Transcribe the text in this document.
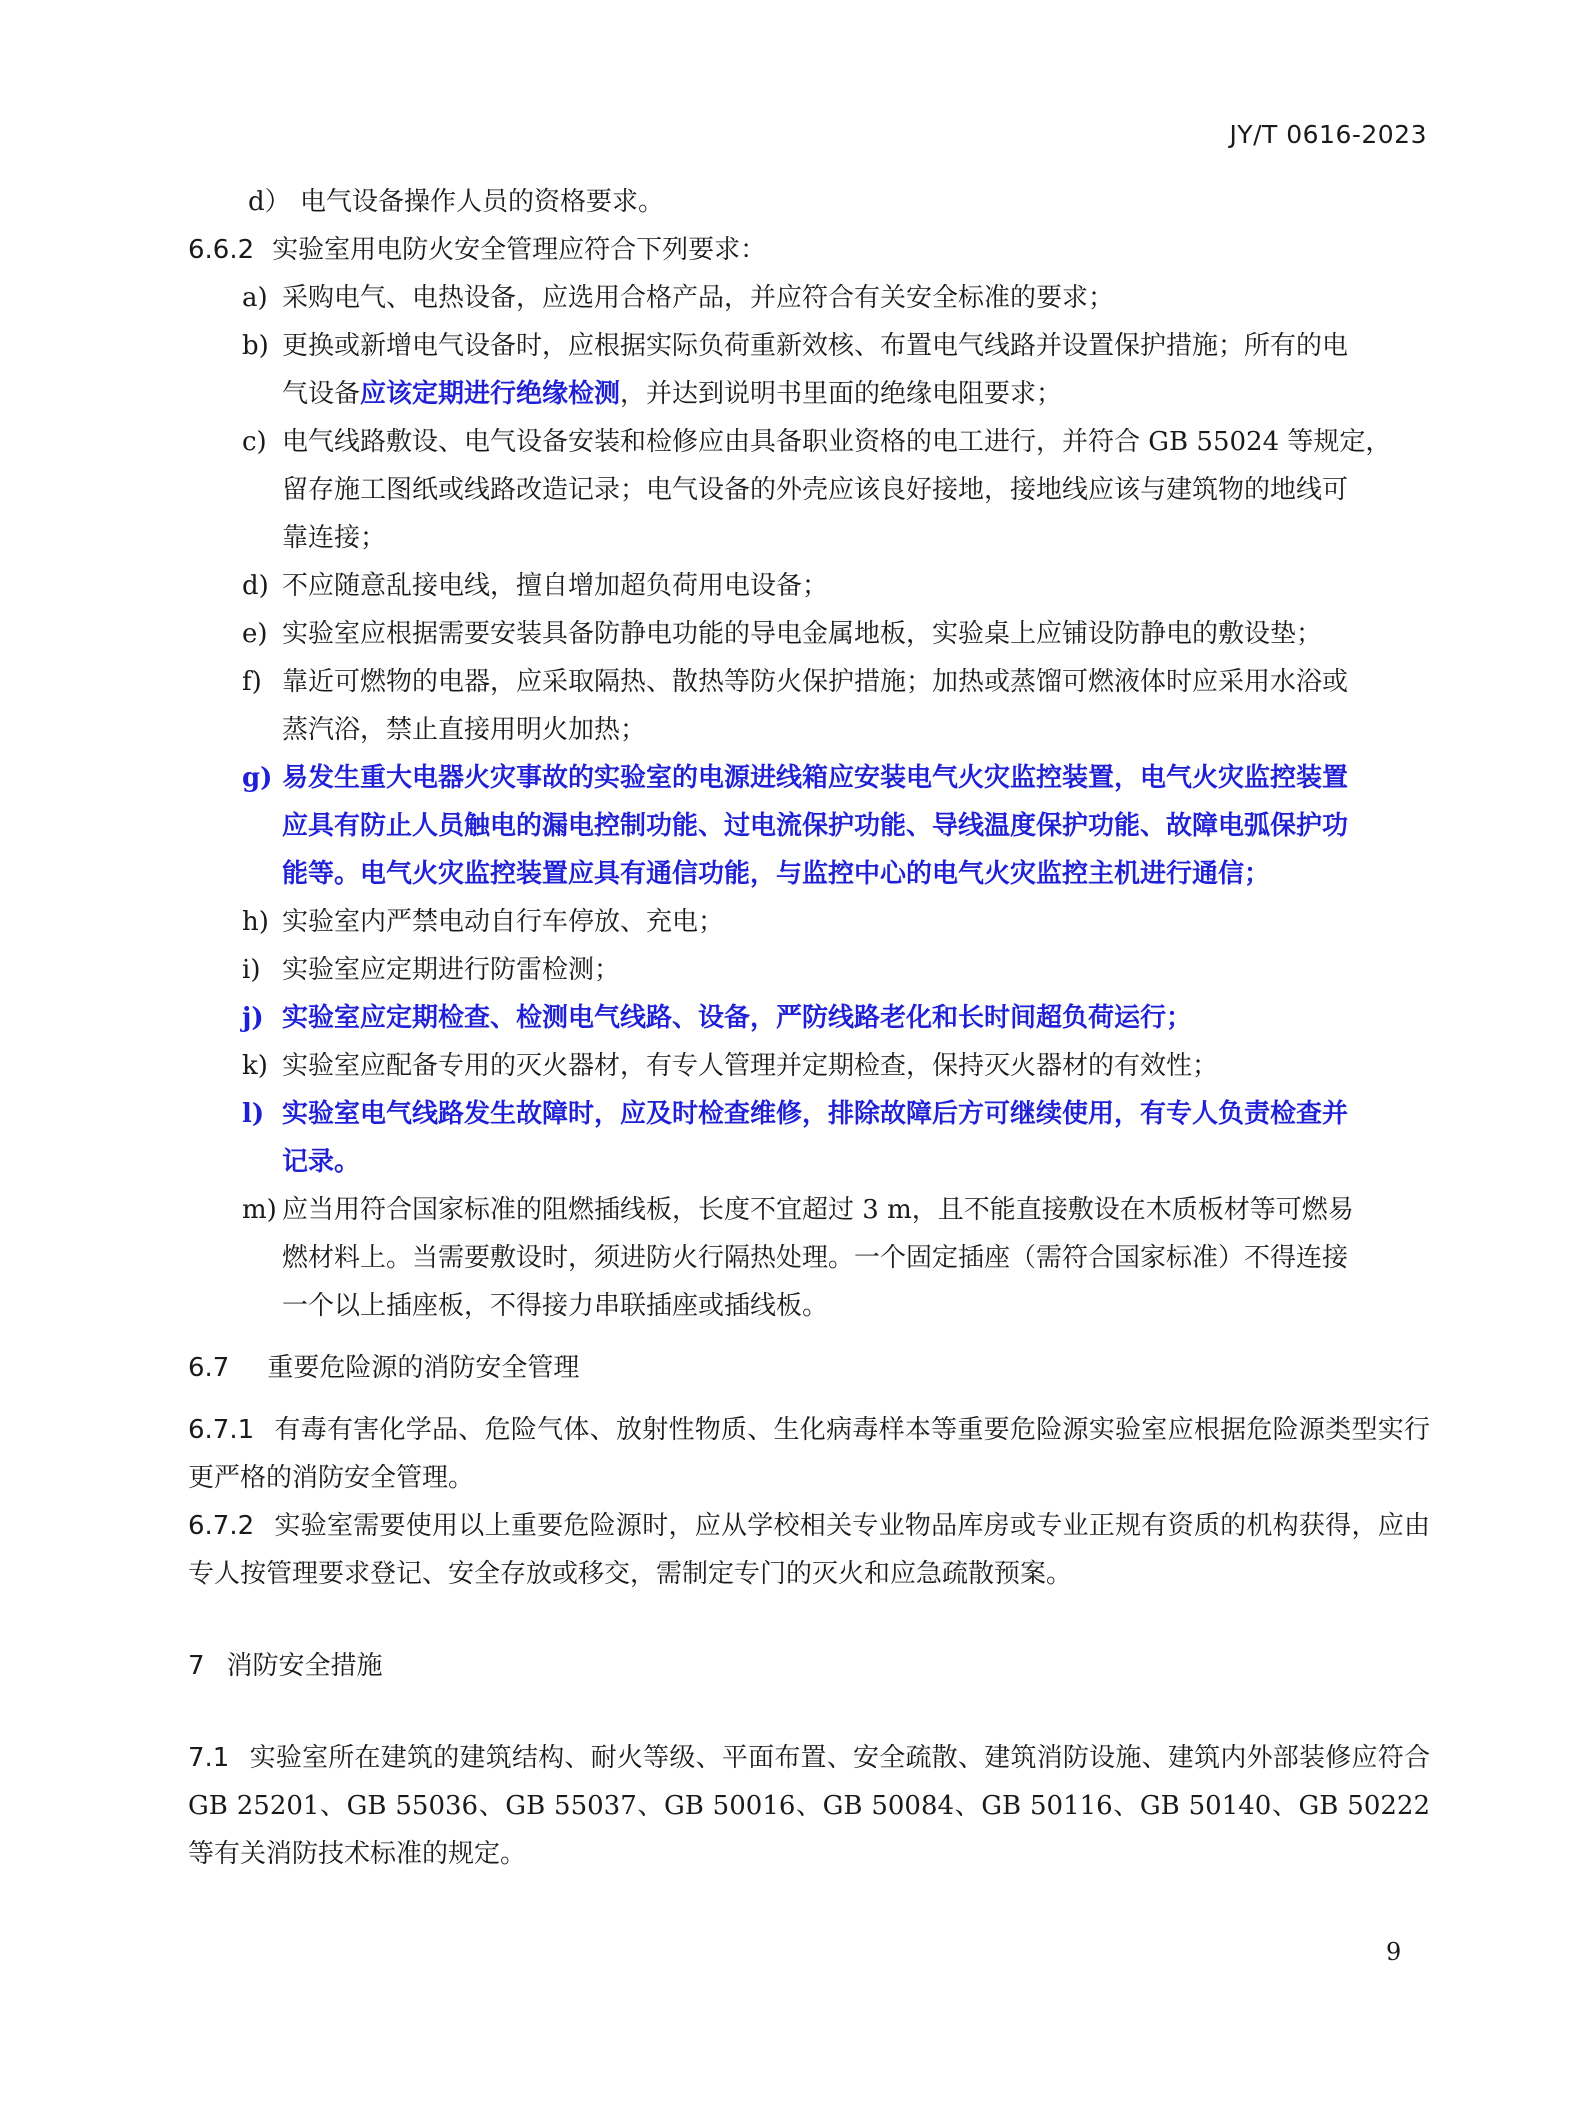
JY/T 0616-2023
d） 电气设备操作人员的资格要求。
6.6.2 实验室用电防火安全管理应符合下列要求：
a) 采购电气、电热设备，应选用合格产品，并应符合有关安全标准的要求；
b) 更换或新增电气设备时，应根据实际负荷重新效核、布置电气线路并设置保护措施；所有的电
气设备应该定期进行绝缘检测，并达到说明书里面的绝缘电阻要求；
c) 电气线路敷设、电气设备安装和检修应由具备职业资格的电工进行，并符合 GB 55024 等规定，
留存施工图纸或线路改造记录；电气设备的外壳应该良好接地，接地线应该与建筑物的地线可
靠连接；
d) 不应随意乱接电线，擅自增加超负荷用电设备；
e) 实验室应根据需要安装具备防静电功能的导电金属地板，实验桌上应铺设防静电的敷设垫；
f) 靠近可燃物的电器，应采取隔热、散热等防火保护措施；加热或蒸馏可燃液体时应采用水浴或
蒸汽浴，禁止直接用明火加热；
g) 易发生重大电器火灾事故的实验室的电源进线箱应安装电气火灾监控装置，电气火灾监控装置
应具有防止人员触电的漏电控制功能、过电流保护功能、导线温度保护功能、故障电弧保护功
能等。电气火灾监控装置应具有通信功能，与监控中心的电气火灾监控主机进行通信；
h) 实验室内严禁电动自行车停放、充电；
i) 实验室应定期进行防雷检测；
j) 实验室应定期检查、检测电气线路、设备，严防线路老化和长时间超负荷运行；
k) 实验室应配备专用的灭火器材，有专人管理并定期检查，保持灭火器材的有效性；
l) 实验室电气线路发生故障时，应及时检查维修，排除故障后方可继续使用，有专人负责检查并
记录。
m) 应当用符合国家标准的阻燃插线板，长度不宜超过 3 m，且不能直接敷设在木质板材等可燃易
燃材料上。当需要敷设时，须进防火行隔热处理。一个固定插座（需符合国家标准）不得连接
一个以上插座板，不得接力串联插座或插线板。
6.7 重要危险源的消防安全管理
6.7.1 有毒有害化学品、危险气体、放射性物质、生化病毒样本等重要危险源实验室应根据危险源类型实行更严格的消防安全管理。
6.7.2 实验室需要使用以上重要危险源时，应从学校相关专业物品库房或专业正规有资质的机构获得，应由专人按管理要求登记、安全存放或移交，需制定专门的灭火和应急疏散预案。
7 消防安全措施
7.1 实验室所在建筑的建筑结构、耐火等级、平面布置、安全疏散、建筑消防设施、建筑内外部装修应符合 GB 25201、GB 55036、GB 55037、GB 50016、GB 50084、GB 50116、GB 50140、GB 50222 等有关消防技术标准的规定。
9
